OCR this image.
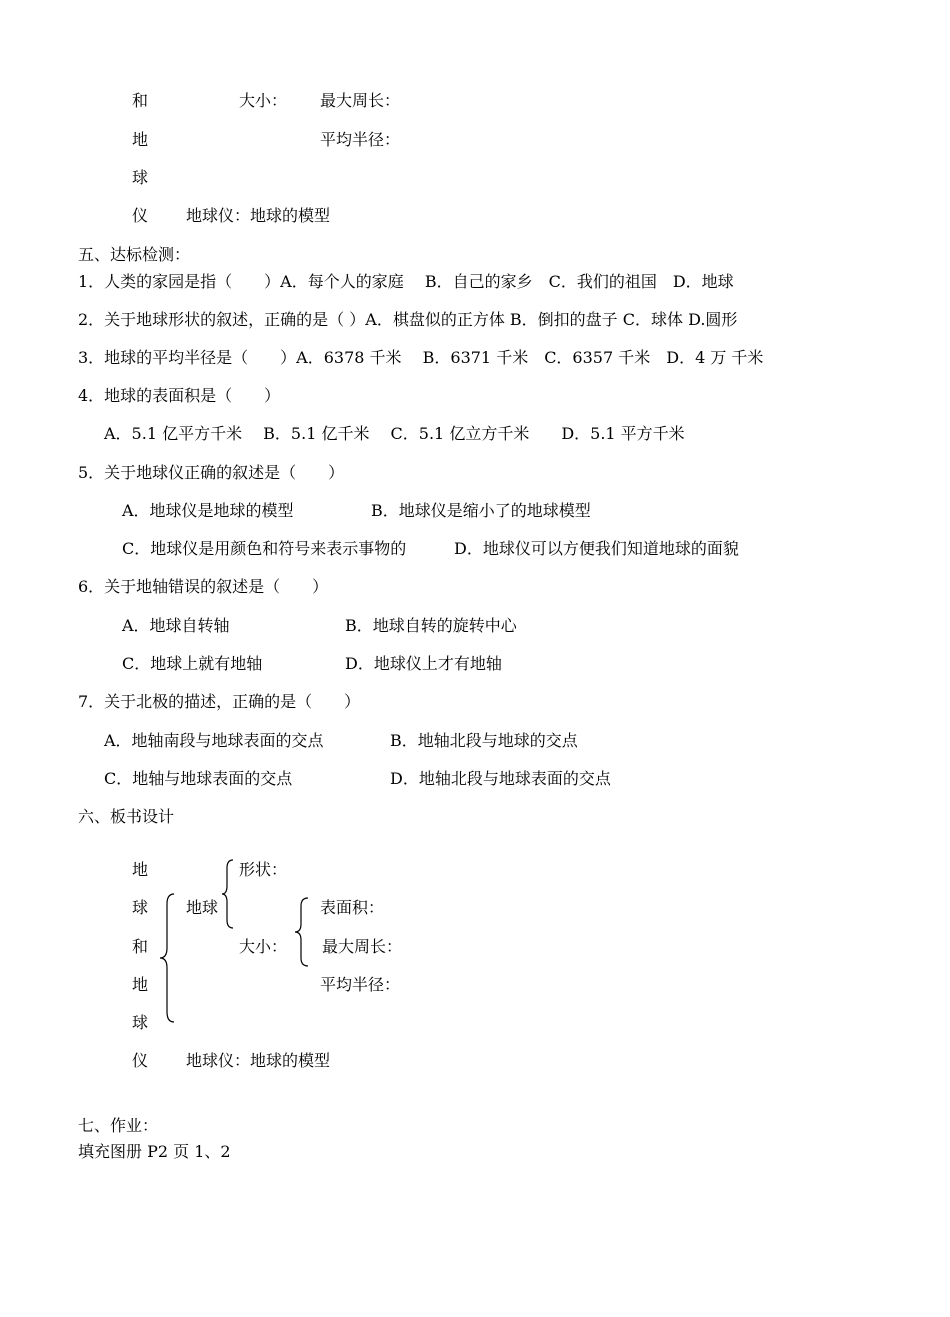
和
地
球
仪
大小： 最大周长：
平均半径：
地球仪：地球的模型
五、达标检测：
1．人类的家园是指（　　）A．每个人的家庭　 B．自己的家乡　C．我们的祖国　D．地球
2．关于地球形状的叙述，正确的是（ ）A．棋盘似的正方体 B．倒扣的盘子 C．球体 D.圆形
3．地球的平均半径是（　　）A．6378 千米　 B．6371 千米　C．6357 千米　D．4 万 千米
4．地球的表面积是（　　）
A．5.1 亿平方千米　 B．5.1 亿千米　 C．5.1 亿立方千米　　D．5.1 平方千米
5．关于地球仪正确的叙述是（　　）
A．地球仪是地球的模型	B．地球仪是缩小了的地球模型
C．地球仪是用颜色和符号来表示事物的	D．地球仪可以方便我们知道地球的面貌
6．关于地轴错误的叙述是（　　）
A．地球自转轴	B．地球自转的旋转中心
C．地球上就有地轴	D．地球仪上才有地轴
7．关于北极的描述，正确的是（　　）
A．地轴南段与地球表面的交点	B．地轴北段与地球的交点
C．地轴与地球表面的交点	D．地轴北段与地球表面的交点
六、板书设计
地
球
和
地
球
仪
地球
形状：
大小：
表面积：
最大周长：
平均半径：
地球仪：地球的模型
七、作业：
填充图册 P2 页 1、2
